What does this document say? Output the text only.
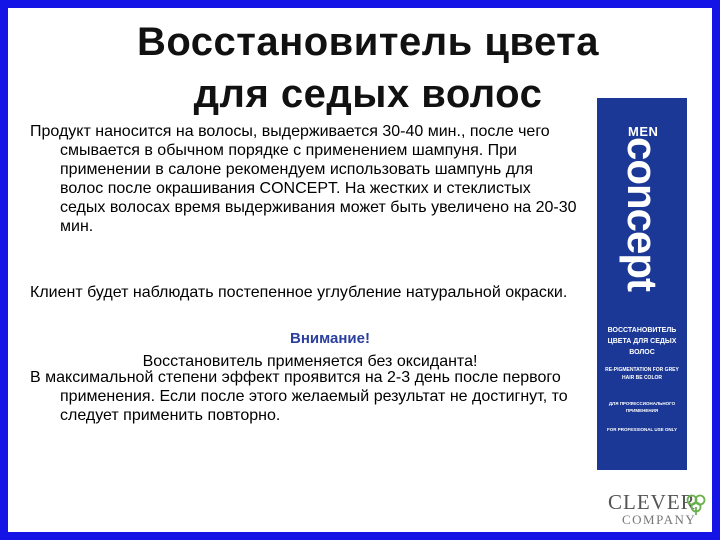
Восстановитель цвета
для седых волос

Продукт наносится на волосы, выдерживается 30-40 мин., после чего смывается в обычном порядке с применением шампуня. При применении в салоне рекомендуем использовать шампунь для волос после окрашивания CONCEPT. На жестких и стеклистых седых волосах время выдерживания может быть увеличено на 20-30 мин.

Клиент будет наблюдать постепенное углубление натуральной окраски.

В максимальной степени эффект проявится на 2-3 день после первого применения. Если после этого желаемый результат не достигнут, то следует применить повторно.

Внимание!
Восстановитель применяется без оксиданта!
MEN
concept
ВОССТАНОВИТЕЛЬ ЦВЕТА ДЛЯ СЕДЫХ ВОЛОС
RE-PIGMENTATION FOR GREY HAIR BE COLOR
ДЛЯ ПРОФЕССИОНАЛЬНОГО ПРИМЕНЕНИЯ
FOR PROFESSIONAL USE ONLY
CLEVER
COMPANY
